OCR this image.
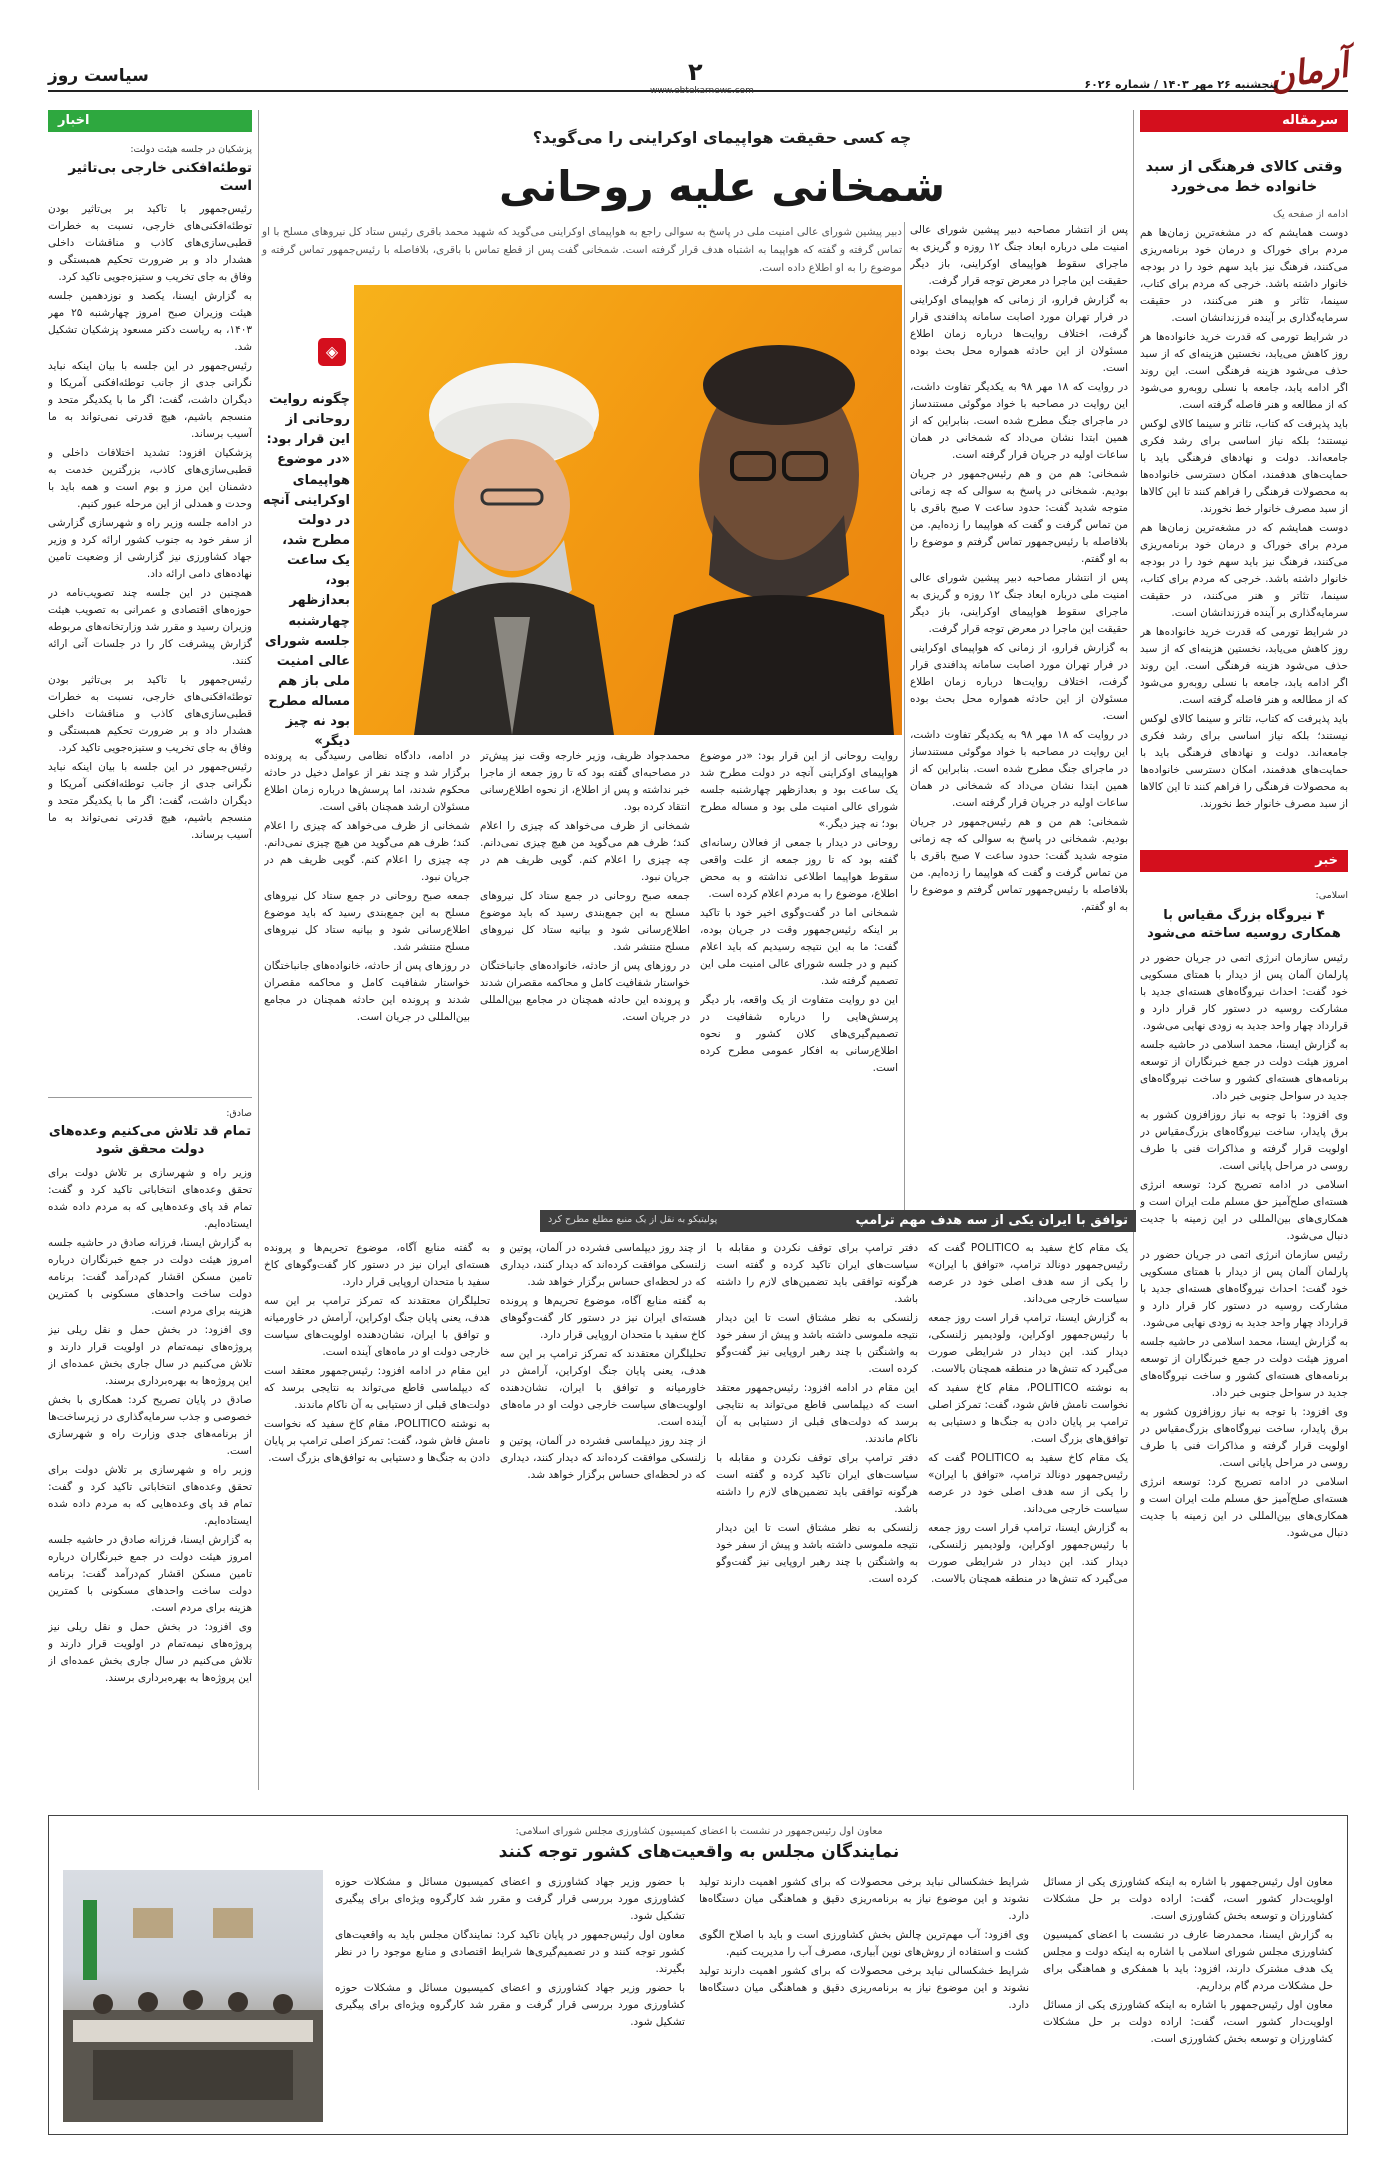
آرمان
پنجشنبه ۲۶ مهر ۱۴۰۳ / شماره ۶۰۲۶
۲
www.ebtekarnews.com
سیاست روز
سرمقاله
وقتی کالای فرهنگی از سبد خانواده خط می‌خورد
ادامه از صفحه یک

دوست همایشم که در مشغه‌ترین زمان‌ها هم مردم برای خوراک و درمان خود برنامه‌ریزی می‌کنند، فرهنگ نیز باید سهم خود را در بودجه خانوار داشته باشد. خرجی که مردم برای کتاب، سینما، تئاتر و هنر می‌کنند، در حقیقت سرمایه‌گذاری بر آینده فرزندانشان است.

در شرایط تورمی که قدرت خرید خانواده‌ها هر روز کاهش می‌یابد، نخستین هزینه‌ای که از سبد حذف می‌شود هزینه فرهنگی است. این روند اگر ادامه یابد، جامعه با نسلی روبه‌رو می‌شود که از مطالعه و هنر فاصله گرفته است.

باید پذیرفت که کتاب، تئاتر و سینما کالای لوکس نیستند؛ بلکه نیاز اساسی برای رشد فکری جامعه‌اند. دولت و نهادهای فرهنگی باید با حمایت‌های هدفمند، امکان دسترسی خانواده‌ها به محصولات فرهنگی را فراهم کنند تا این کالاها از سبد مصرف خانوار خط نخورند.

دوست همایشم که در مشغه‌ترین زمان‌ها هم مردم برای خوراک و درمان خود برنامه‌ریزی می‌کنند، فرهنگ نیز باید سهم خود را در بودجه خانوار داشته باشد. خرجی که مردم برای کتاب، سینما، تئاتر و هنر می‌کنند، در حقیقت سرمایه‌گذاری بر آینده فرزندانشان است.

در شرایط تورمی که قدرت خرید خانواده‌ها هر روز کاهش می‌یابد، نخستین هزینه‌ای که از سبد حذف می‌شود هزینه فرهنگی است. این روند اگر ادامه یابد، جامعه با نسلی روبه‌رو می‌شود که از مطالعه و هنر فاصله گرفته است.

باید پذیرفت که کتاب، تئاتر و سینما کالای لوکس نیستند؛ بلکه نیاز اساسی برای رشد فکری جامعه‌اند. دولت و نهادهای فرهنگی باید با حمایت‌های هدفمند، امکان دسترسی خانواده‌ها به محصولات فرهنگی را فراهم کنند تا این کالاها از سبد مصرف خانوار خط نخورند.

خبر
اسلامی:
۴ نیروگاه بزرگ مقیاس با همکاری روسیه ساخته می‌شود

رئیس سازمان انرژی اتمی در جریان حضور در پارلمان آلمان پس از دیدار با همتای مسکویی خود گفت: احداث نیروگاه‌های هسته‌ای جدید با مشارکت روسیه در دستور کار قرار دارد و قرارداد چهار واحد جدید به زودی نهایی می‌شود.

به گزارش ایسنا، محمد اسلامی در حاشیه جلسه امروز هیئت دولت در جمع خبرنگاران از توسعه برنامه‌های هسته‌ای کشور و ساخت نیروگاه‌های جدید در سواحل جنوبی خبر داد.

وی افزود: با توجه به نیاز روزافزون کشور به برق پایدار، ساخت نیروگاه‌های بزرگ‌مقیاس در اولویت قرار گرفته و مذاکرات فنی با طرف روسی در مراحل پایانی است.

اسلامی در ادامه تصریح کرد: توسعه انرژی هسته‌ای صلح‌آمیز حق مسلم ملت ایران است و همکاری‌های بین‌المللی در این زمینه با جدیت دنبال می‌شود.

رئیس سازمان انرژی اتمی در جریان حضور در پارلمان آلمان پس از دیدار با همتای مسکویی خود گفت: احداث نیروگاه‌های هسته‌ای جدید با مشارکت روسیه در دستور کار قرار دارد و قرارداد چهار واحد جدید به زودی نهایی می‌شود.

به گزارش ایسنا، محمد اسلامی در حاشیه جلسه امروز هیئت دولت در جمع خبرنگاران از توسعه برنامه‌های هسته‌ای کشور و ساخت نیروگاه‌های جدید در سواحل جنوبی خبر داد.

وی افزود: با توجه به نیاز روزافزون کشور به برق پایدار، ساخت نیروگاه‌های بزرگ‌مقیاس در اولویت قرار گرفته و مذاکرات فنی با طرف روسی در مراحل پایانی است.

اسلامی در ادامه تصریح کرد: توسعه انرژی هسته‌ای صلح‌آمیز حق مسلم ملت ایران است و همکاری‌های بین‌المللی در این زمینه با جدیت دنبال می‌شود.

اخبار
پزشکیان در جلسه هیئت دولت:
توطئه‌افکنی خارجی بی‌تاثیر است

رئیس‌جمهور با تاکید بر بی‌تاثیر بودن توطئه‌افکنی‌های خارجی، نسبت به خطرات قطبی‌سازی‌های کاذب و مناقشات داخلی هشدار داد و بر ضرورت تحکیم همبستگی و وفاق به جای تخریب و ستیزه‌جویی تاکید کرد.

به گزارش ایسنا، یکصد و نوزدهمین جلسه هیئت وزیران صبح امروز چهارشنبه ۲۵ مهر ۱۴۰۳، به ریاست دکتر مسعود پزشکیان تشکیل شد.

رئیس‌جمهور در این جلسه با بیان اینکه نباید نگرانی جدی از جانب توطئه‌افکنی آمریکا و دیگران داشت، گفت: اگر ما با یکدیگر متحد و منسجم باشیم، هیچ قدرتی نمی‌تواند به ما آسیب برساند.

پزشکیان افزود: تشدید اختلافات داخلی و قطبی‌سازی‌های کاذب، بزرگترین خدمت به دشمنان این مرز و بوم است و همه باید با وحدت و همدلی از این مرحله عبور کنیم.

در ادامه جلسه وزیر راه و شهرسازی گزارشی از سفر خود به جنوب کشور ارائه کرد و وزیر جهاد کشاورزی نیز گزارشی از وضعیت تامین نهاده‌های دامی ارائه داد.

همچنین در این جلسه چند تصویب‌نامه در حوزه‌های اقتصادی و عمرانی به تصویب هیئت وزیران رسید و مقرر شد وزارتخانه‌های مربوطه گزارش پیشرفت کار را در جلسات آتی ارائه کنند.

رئیس‌جمهور با تاکید بر بی‌تاثیر بودن توطئه‌افکنی‌های خارجی، نسبت به خطرات قطبی‌سازی‌های کاذب و مناقشات داخلی هشدار داد و بر ضرورت تحکیم همبستگی و وفاق به جای تخریب و ستیزه‌جویی تاکید کرد.

رئیس‌جمهور در این جلسه با بیان اینکه نباید نگرانی جدی از جانب توطئه‌افکنی آمریکا و دیگران داشت، گفت: اگر ما با یکدیگر متحد و منسجم باشیم، هیچ قدرتی نمی‌تواند به ما آسیب برساند.

صادق:
تمام قد تلاش می‌کنیم وعده‌های دولت محقق شود

وزیر راه و شهرسازی بر تلاش دولت برای تحقق وعده‌های انتخاباتی تاکید کرد و گفت: تمام قد پای وعده‌هایی که به مردم داده شده ایستاده‌ایم.

به گزارش ایسنا، فرزانه صادق در حاشیه جلسه امروز هیئت دولت در جمع خبرنگاران درباره تامین مسکن اقشار کم‌درآمد گفت: برنامه دولت ساخت واحدهای مسکونی با کمترین هزینه برای مردم است.

وی افزود: در بخش حمل و نقل ریلی نیز پروژه‌های نیمه‌تمام در اولویت قرار دارند و تلاش می‌کنیم در سال جاری بخش عمده‌ای از این پروژه‌ها به بهره‌برداری برسند.

صادق در پایان تصریح کرد: همکاری با بخش خصوصی و جذب سرمایه‌گذاری در زیرساخت‌ها از برنامه‌های جدی وزارت راه و شهرسازی است.

وزیر راه و شهرسازی بر تلاش دولت برای تحقق وعده‌های انتخاباتی تاکید کرد و گفت: تمام قد پای وعده‌هایی که به مردم داده شده ایستاده‌ایم.

به گزارش ایسنا، فرزانه صادق در حاشیه جلسه امروز هیئت دولت در جمع خبرنگاران درباره تامین مسکن اقشار کم‌درآمد گفت: برنامه دولت ساخت واحدهای مسکونی با کمترین هزینه برای مردم است.

وی افزود: در بخش حمل و نقل ریلی نیز پروژه‌های نیمه‌تمام در اولویت قرار دارند و تلاش می‌کنیم در سال جاری بخش عمده‌ای از این پروژه‌ها به بهره‌برداری برسند.

چه کسی حقیقت هواپیمای اوکراینی را می‌گوید؟
شمخانی علیه روحانی
دبیر پیشین شورای عالی امنیت ملی در پاسخ به سوالی راجع به هواپیمای اوکراینی می‌گوید که شهید محمد باقری رئیس ستاد کل نیروهای مسلح با او تماس گرفته و گفته که هواپیما به اشتباه هدف قرار گرفته است. شمخانی گفت پس از قطع تماس با باقری، بلافاصله با رئیس‌جمهور تماس گرفته و موضوع را به او اطلاع داده است.
◈
چگونه روایت روحانی از این قرار بود: «در موضوع هواپیمای اوکراینی آنچه در دولت مطرح شد، یک ساعت بود، بعدازظهر چهارشنبه جلسه شورای عالی امنیت ملی باز هم مساله مطرح بود نه چیز دیگر»

پس از انتشار مصاحبه دبیر پیشین شورای عالی امنیت ملی درباره ابعاد جنگ ۱۲ روزه و گریزی به ماجرای سقوط هواپیمای اوکراینی، باز دیگر حقیقت این ماجرا در معرض توجه قرار گرفت.

به گزارش فرارو، از زمانی که هواپیمای اوکراینی در فرار تهران مورد اصابت سامانه پدافندی قرار گرفت، اختلاف روایت‌ها درباره زمان اطلاع مسئولان از این حادثه همواره محل بحث بوده است.

در روایت که ۱۸ مهر ۹۸ به یکدیگر تفاوت داشت، این روایت در مصاحبه با خواد موگوئی مستند‌ساز در ماجرای جنگ مطرح شده است. بنابراین که از همین ابتدا نشان می‌داد که شمخانی در همان ساعات اولیه در جریان قرار گرفته است.

شمخانی: هم من و هم رئیس‌جمهور در جریان بودیم. شمخانی در پاسخ به سوالی که چه زمانی متوجه شدید گفت: حدود ساعت ۷ صبح باقری با من تماس گرفت و گفت که هواپیما را زده‌ایم. من بلافاصله با رئیس‌جمهور تماس گرفتم و موضوع را به او گفتم.

پس از انتشار مصاحبه دبیر پیشین شورای عالی امنیت ملی درباره ابعاد جنگ ۱۲ روزه و گریزی به ماجرای سقوط هواپیمای اوکراینی، باز دیگر حقیقت این ماجرا در معرض توجه قرار گرفت.

به گزارش فرارو، از زمانی که هواپیمای اوکراینی در فرار تهران مورد اصابت سامانه پدافندی قرار گرفت، اختلاف روایت‌ها درباره زمان اطلاع مسئولان از این حادثه همواره محل بحث بوده است.

در روایت که ۱۸ مهر ۹۸ به یکدیگر تفاوت داشت، این روایت در مصاحبه با خواد موگوئی مستند‌ساز در ماجرای جنگ مطرح شده است. بنابراین که از همین ابتدا نشان می‌داد که شمخانی در همان ساعات اولیه در جریان قرار گرفته است.

شمخانی: هم من و هم رئیس‌جمهور در جریان بودیم. شمخانی در پاسخ به سوالی که چه زمانی متوجه شدید گفت: حدود ساعت ۷ صبح باقری با من تماس گرفت و گفت که هواپیما را زده‌ایم. من بلافاصله با رئیس‌جمهور تماس گرفتم و موضوع را به او گفتم.

روایت روحانی از این قرار بود: «در موضوع هواپیمای اوکراینی آنچه در دولت مطرح شد یک ساعت بود و بعدازظهر چهارشنبه جلسه شورای عالی امنیت ملی بود و مساله مطرح بود؛ نه چیز دیگر.»

روحانی در دیدار با جمعی از فعالان رسانه‌ای گفته بود که تا روز جمعه از علت واقعی سقوط هواپیما اطلاعی نداشته و به محض اطلاع، موضوع را به مردم اعلام کرده است.

شمخانی اما در گفت‌وگوی اخیر خود با تاکید بر اینکه رئیس‌جمهور وقت در جریان بوده، گفت: ما به این نتیجه رسیدیم که باید اعلام کنیم و در جلسه شورای عالی امنیت ملی این تصمیم گرفته شد.

این دو روایت متفاوت از یک واقعه، بار دیگر پرسش‌هایی را درباره شفافیت در تصمیم‌گیری‌های کلان کشور و نحوه اطلاع‌رسانی به افکار عمومی مطرح کرده است.

محمدجواد ظریف، وزیر خارجه وقت نیز پیش‌تر در مصاحبه‌ای گفته بود که تا روز جمعه از ماجرا خبر نداشته و پس از اطلاع، از نحوه اطلاع‌رسانی انتقاد کرده بود.

شمخانی از ظرف می‌خواهد که چیزی را اعلام کند؛ ظرف هم می‌گوید من هیچ چیزی نمی‌دانم. چه چیزی را اعلام کنم. گویی ظریف هم در جریان نبود.

جمعه صبح روحانی در جمع ستاد کل نیروهای مسلح به این جمع‌بندی رسید که باید موضوع اطلاع‌رسانی شود و بیانیه ستاد کل نیروهای مسلح منتشر شد.

در روزهای پس از حادثه، خانواده‌های جانباختگان خواستار شفافیت کامل و محاکمه مقصران شدند و پرونده این حادثه همچنان در مجامع بین‌المللی در جریان است.

در ادامه، دادگاه نظامی رسیدگی به پرونده برگزار شد و چند نفر از عوامل دخیل در حادثه محکوم شدند، اما پرسش‌ها درباره زمان اطلاع مسئولان ارشد همچنان باقی است.

شمخانی از ظرف می‌خواهد که چیزی را اعلام کند؛ ظرف هم می‌گوید من هیچ چیزی نمی‌دانم. چه چیزی را اعلام کنم. گویی ظریف هم در جریان نبود.

جمعه صبح روحانی در جمع ستاد کل نیروهای مسلح به این جمع‌بندی رسید که باید موضوع اطلاع‌رسانی شود و بیانیه ستاد کل نیروهای مسلح منتشر شد.

در روزهای پس از حادثه، خانواده‌های جانباختگان خواستار شفافیت کامل و محاکمه مقصران شدند و پرونده این حادثه همچنان در مجامع بین‌المللی در جریان است.

توافق با ایران یکی از سه هدف مهم ترامپ
پولیتیکو به نقل از یک منبع مطلع مطرح کرد

یک مقام کاخ سفید به POLITICO گفت که رئیس‌جمهور دونالد ترامپ، «توافق با ایران» را یکی از سه هدف اصلی خود در عرصه سیاست خارجی می‌داند.

به گزارش ایسنا، ترامپ قرار است روز جمعه با رئیس‌جمهور اوکراین، ولودیمیر زلنسکی، دیدار کند. این دیدار در شرایطی صورت می‌گیرد که تنش‌ها در منطقه همچنان بالاست.

به نوشته POLITICO، مقام کاخ سفید که نخواست نامش فاش شود، گفت: تمرکز اصلی ترامپ بر پایان دادن به جنگ‌ها و دستیابی به توافق‌های بزرگ است.

یک مقام کاخ سفید به POLITICO گفت که رئیس‌جمهور دونالد ترامپ، «توافق با ایران» را یکی از سه هدف اصلی خود در عرصه سیاست خارجی می‌داند.

به گزارش ایسنا، ترامپ قرار است روز جمعه با رئیس‌جمهور اوکراین، ولودیمیر زلنسکی، دیدار کند. این دیدار در شرایطی صورت می‌گیرد که تنش‌ها در منطقه همچنان بالاست.

دفتر ترامپ برای توقف نکردن و مقابله با سیاست‌های ایران تاکید کرده و گفته است هرگونه توافقی باید تضمین‌های لازم را داشته باشد.

زلنسکی به نظر مشتاق است تا این دیدار نتیجه ملموسی داشته باشد و پیش از سفر خود به واشنگتن با چند رهبر اروپایی نیز گفت‌وگو کرده است.

این مقام در ادامه افزود: رئیس‌جمهور معتقد است که دیپلماسی قاطع می‌تواند به نتایجی برسد که دولت‌های قبلی از دستیابی به آن ناکام ماندند.

دفتر ترامپ برای توقف نکردن و مقابله با سیاست‌های ایران تاکید کرده و گفته است هرگونه توافقی باید تضمین‌های لازم را داشته باشد.

زلنسکی به نظر مشتاق است تا این دیدار نتیجه ملموسی داشته باشد و پیش از سفر خود به واشنگتن با چند رهبر اروپایی نیز گفت‌وگو کرده است.

از چند روز دیپلماسی فشرده در آلمان، پوتین و زلنسکی موافقت کرده‌اند که دیدار کنند، دیداری که در لحظه‌ای حساس برگزار خواهد شد.

به گفته منابع آگاه، موضوع تحریم‌ها و پرونده هسته‌ای ایران نیز در دستور کار گفت‌وگوهای کاخ سفید با متحدان اروپایی قرار دارد.

تحلیلگران معتقدند که تمرکز ترامپ بر این سه هدف، یعنی پایان جنگ اوکراین، آرامش در خاورمیانه و توافق با ایران، نشان‌دهنده اولویت‌های سیاست خارجی دولت او در ماه‌های آینده است.

از چند روز دیپلماسی فشرده در آلمان، پوتین و زلنسکی موافقت کرده‌اند که دیدار کنند، دیداری که در لحظه‌ای حساس برگزار خواهد شد.

به گفته منابع آگاه، موضوع تحریم‌ها و پرونده هسته‌ای ایران نیز در دستور کار گفت‌وگوهای کاخ سفید با متحدان اروپایی قرار دارد.

تحلیلگران معتقدند که تمرکز ترامپ بر این سه هدف، یعنی پایان جنگ اوکراین، آرامش در خاورمیانه و توافق با ایران، نشان‌دهنده اولویت‌های سیاست خارجی دولت او در ماه‌های آینده است.

این مقام در ادامه افزود: رئیس‌جمهور معتقد است که دیپلماسی قاطع می‌تواند به نتایجی برسد که دولت‌های قبلی از دستیابی به آن ناکام ماندند.

به نوشته POLITICO، مقام کاخ سفید که نخواست نامش فاش شود، گفت: تمرکز اصلی ترامپ بر پایان دادن به جنگ‌ها و دستیابی به توافق‌های بزرگ است.

معاون اول رئیس‌جمهور در نشست با اعضای کمیسیون کشاورزی مجلس شورای اسلامی:
نمایندگان مجلس به واقعیت‌های کشور توجه کنند

معاون اول رئیس‌جمهور با اشاره به اینکه کشاورزی یکی از مسائل اولویت‌دار کشور است، گفت: اراده دولت بر حل مشکلات کشاورزان و توسعه بخش کشاورزی است.

به گزارش ایسنا، محمدرضا عارف در نشست با اعضای کمیسیون کشاورزی مجلس شورای اسلامی با اشاره به اینکه دولت و مجلس یک هدف مشترک دارند، افزود: باید با همفکری و هماهنگی برای حل مشکلات مردم گام برداریم.

معاون اول رئیس‌جمهور با اشاره به اینکه کشاورزی یکی از مسائل اولویت‌دار کشور است، گفت: اراده دولت بر حل مشکلات کشاورزان و توسعه بخش کشاورزی است.

شرایط خشکسالی نباید برخی محصولات که برای کشور اهمیت دارند تولید نشوند و این موضوع نیاز به برنامه‌ریزی دقیق و هماهنگی میان دستگاه‌ها دارد.

وی افزود: آب مهم‌ترین چالش بخش کشاورزی است و باید با اصلاح الگوی کشت و استفاده از روش‌های نوین آبیاری، مصرف آب را مدیریت کنیم.

شرایط خشکسالی نباید برخی محصولات که برای کشور اهمیت دارند تولید نشوند و این موضوع نیاز به برنامه‌ریزی دقیق و هماهنگی میان دستگاه‌ها دارد.

با حضور وزیر جهاد کشاورزی و اعضای کمیسیون مسائل و مشکلات حوزه کشاورزی مورد بررسی قرار گرفت و مقرر شد کارگروه ویژه‌ای برای پیگیری تشکیل شود.

معاون اول رئیس‌جمهور در پایان تاکید کرد: نمایندگان مجلس باید به واقعیت‌های کشور توجه کنند و در تصمیم‌گیری‌ها شرایط اقتصادی و منابع موجود را در نظر بگیرند.

با حضور وزیر جهاد کشاورزی و اعضای کمیسیون مسائل و مشکلات حوزه کشاورزی مورد بررسی قرار گرفت و مقرر شد کارگروه ویژه‌ای برای پیگیری تشکیل شود.
